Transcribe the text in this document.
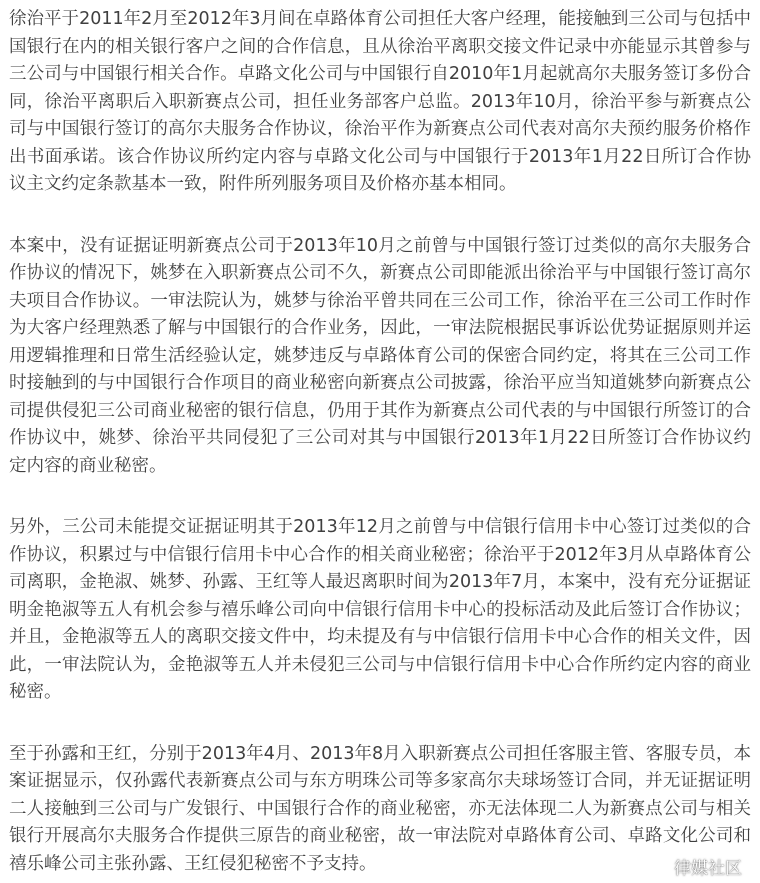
徐治平于2011年2月至2012年3月间在卓路体育公司担任大客户经理，能接触到三公司与包括中国银行在内的相关银行客户之间的合作信息，且从徐治平离职交接文件记录中亦能显示其曾参与三公司与中国银行相关合作。卓路文化公司与中国银行自2010年1月起就高尔夫服务签订多份合同，徐治平离职后入职新赛点公司，担任业务部客户总监。2013年10月，徐治平参与新赛点公司与中国银行签订的高尔夫服务合作协议，徐治平作为新赛点公司代表对高尔夫预约服务价格作出书面承诺。该合作协议所约定内容与卓路文化公司与中国银行于2013年1月22日所订合作协议主文约定条款基本一致，附件所列服务项目及价格亦基本相同。

本案中，没有证据证明新赛点公司于2013年10月之前曾与中国银行签订过类似的高尔夫服务合作协议的情况下，姚梦在入职新赛点公司不久，新赛点公司即能派出徐治平与中国银行签订高尔夫项目合作协议。一审法院认为，姚梦与徐治平曾共同在三公司工作，徐治平在三公司工作时作为大客户经理熟悉了解与中国银行的合作业务，因此，一审法院根据民事诉讼优势证据原则并运用逻辑推理和日常生活经验认定，姚梦违反与卓路体育公司的保密合同约定，将其在三公司工作时接触到的与中国银行合作项目的商业秘密向新赛点公司披露，徐治平应当知道姚梦向新赛点公司提供侵犯三公司商业秘密的银行信息，仍用于其作为新赛点公司代表的与中国银行所签订的合作协议中，姚梦、徐治平共同侵犯了三公司对其与中国银行2013年1月22日所签订合作协议约定内容的商业秘密。

另外，三公司未能提交证据证明其于2013年12月之前曾与中信银行信用卡中心签订过类似的合作协议，积累过与中信银行信用卡中心合作的相关商业秘密；徐治平于2012年3月从卓路体育公司离职，金艳淑、姚梦、孙露、王红等人最迟离职时间为2013年7月，本案中，没有充分证据证明金艳淑等五人有机会参与禧乐峰公司向中信银行信用卡中心的投标活动及此后签订合作协议；并且，金艳淑等五人的离职交接文件中，均未提及有与中信银行信用卡中心合作的相关文件，因此，一审法院认为，金艳淑等五人并未侵犯三公司与中信银行信用卡中心合作所约定内容的商业秘密。

至于孙露和王红，分别于2013年4月、2013年8月入职新赛点公司担任客服主管、客服专员，本案证据显示，仅孙露代表新赛点公司与东方明珠公司等多家高尔夫球场签订合同，并无证据证明二人接触到三公司与广发银行、中国银行合作的商业秘密，亦无法体现二人为新赛点公司与相关银行开展高尔夫服务合作提供三原告的商业秘密，故一审法院对卓路体育公司、卓路文化公司和禧乐峰公司主张孙露、王红侵犯秘密不予支持。	律媒社区
